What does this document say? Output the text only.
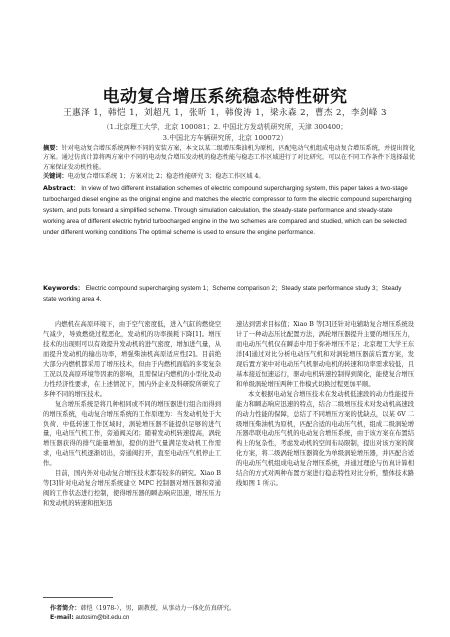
电动复合增压系统稳态特性研究
王惠泽 1，韩恺 1，刘超凡 1，张昕 1，韩俊涛 1，梁永森 2，曹杰 2，李剑峰 3
（1.北京理工大学，北京 100081；2. 中国北方发动机研究所，天津 300400；
3.中国北方车辆研究所，北京 100072）
摘要：针对电动复合增压系统两种不同的安装方案，本文以某二级增压柴油机为原机，匹配电动气机组成电动复合增压系统，并提出简化方案。通过仿真计算将两方案中不同的电动复合增压发动机的稳态性能与稳态工作区域进行了对比研究，可以在不同工作条件下选择最优方案保证发动机性能。
关键词：电动复合增压系统 1；方案对比 2；稳态性能研究 3；稳态工作区域 4。
Abstract： In view of two different installation schemes of electric compound supercharging system, this paper takes a two-stage turbocharged diesel engine as the original engine and matches the electric compressor to form the electric compound supercharging system, and puts forward a simplified scheme. Through simulation calculation, the steady-state performance and steady-state working area of different electric hybrid turbocharged engine in the two schemes are compared and studied, which can be selected under different working conditions The optimal scheme is used to ensure the engine performance.
Keywords： Electric compound supercharging system 1；Scheme comparison 2；Steady state performance study 3；Steady state working area 4.

内燃机在高原环境下，由于空气密度低，进入气缸的燃烧空气减少，导致燃烧过程恶化，发动机的功率损耗下降[1]。增压技术的出现则可以有效提升发动机的进气密度，增加进气量，从而提升发动机的输出功率，增强柴油机高原适应性[2]。目前绝大部分内燃机都采用了增压技术，但由于内燃机面临的多变复杂工况以及高原环境等因素的影响，且需保证内燃机的小型化及动力性经济性要求，在上述情况下，国内外企业及科研院所研究了多种不同的增压技术。

复合增压系统是将几种相同或不同的增压器进行组合而得到的增压系统，电动复合增压系统的工作原理为：当发动机处于大负荷、中低转速工作区域时，涡轮增压器不能提供足够的进气量，电动压气机工作，旁通阀关闭；随着发动机转速提高，涡轮增压器获得的排气能量增加，提供的进气量满足发动机工作需求，电动压气机逐渐切出，旁通阀打开，直至电动压气机停止工作。

目前，国内外对电动复合增压技术都有较多的研究。Xiao B 等[3]针对电动复合增压系统建立 MPC 控制器对增压器和旁通阀的工作状态进行控制，使得增压器的瞬态响应迅速，增压压力和发动机的转速和扭矩迅

速达到需求目标值；Xiao B 等[3]还针对电辅助复合增压系统设计了一种动态压比配置方法，涡轮增压器提升主要的增压压力，而电动压气机仅在瞬态中用于弥补增压不足；北京理工大学王东洋[4]通过对比分析电动压气机和对涡轮增压器前后置方案，发现后置方案中对电动压气机驱动电机的转速和功率需求较低，且基本接近恒速运行，驱动电机转速控制得到简化，能使复合增压和单级涡轮增压两种工作模式切换过程更加平顺。

本文根据电动复合增压技术在发动机低速段的动力性能提升能力和瞬态响应迅速的特点，结合二级增压技术对发动机高速段的动力性能的保障，总结了不同增压方案的优缺点，以某 6V 二级增压柴油机为原机，匹配合适的电动压气机，组成二级涡轮增压器串联电动压气机的电动复合增压系统，由于该方案在布置结构上的复杂性，考虑发动机的空间布局限制，提出对该方案的简化方案，将二级涡轮增压器简化为单级涡轮增压器，并匹配合适的电动压气机组成电动复合增压系统，并通过理论与仿真计算相结合的方式对两种布置方案进行稳态特性对比分析，整体技术路线如图 1 所示。

作者简介：韩恺（1978-），男，副教授，从事动力一体化仿真研究。
E-mail: autosim@bit.edu.cn
